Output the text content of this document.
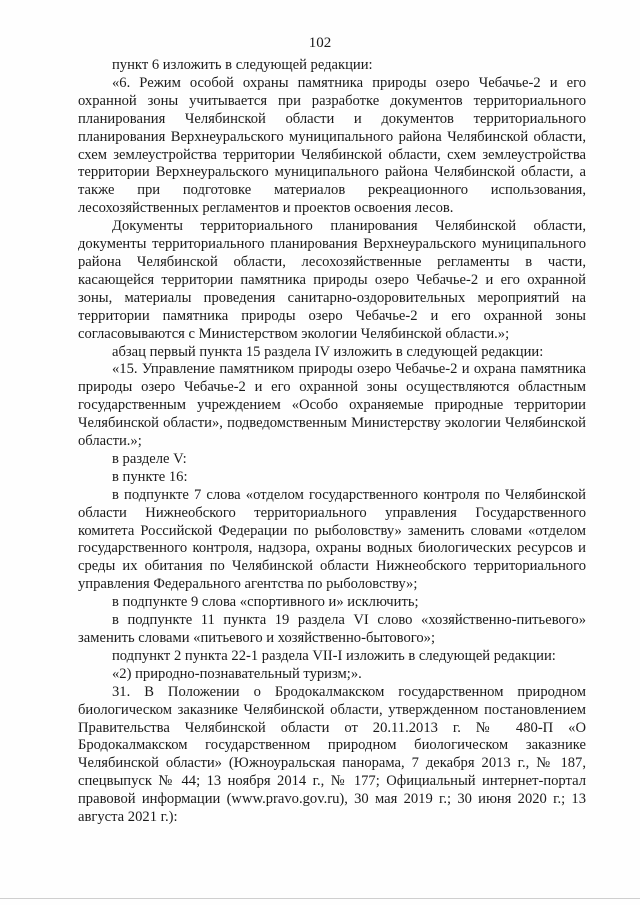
102

пункт 6 изложить в следующей редакции:

«6. Режим особой охраны памятника природы озеро Чебачье-2 и его охранной зоны учитывается при разработке документов территориального планирования Челябинской области и документов территориального планирования Верхнеуральского муниципального района Челябинской области, схем землеустройства территории Челябинской области, схем землеустройства территории Верхнеуральского муниципального района Челябинской области, а также при подготовке материалов рекреационного использования, лесохозяйственных регламентов и проектов освоения лесов.

Документы территориального планирования Челябинской области, документы территориального планирования Верхнеуральского муниципального района Челябинской области, лесохозяйственные регламенты в части, касающейся территории памятника природы озеро Чебачье-2 и его охранной зоны, материалы проведения санитарно-оздоровительных мероприятий на территории памятника природы озеро Чебачье-2 и его охранной зоны согласовываются с Министерством экологии Челябинской области.»;

абзац первый пункта 15 раздела IV изложить в следующей редакции:

«15. Управление памятником природы озеро Чебачье-2 и охрана памятника природы озеро Чебачье-2 и его охранной зоны осуществляются областным государственным учреждением «Особо охраняемые природные территории Челябинской области», подведомственным Министерству экологии Челябинской области.»;

в разделе V:

в пункте 16:

в подпункте 7 слова «отделом государственного контроля по Челябинской области Нижнеобского территориального управления Государственного комитета Российской Федерации по рыболовству» заменить словами «отделом государственного контроля, надзора, охраны водных биологических ресурсов и среды их обитания по Челябинской области Нижнеобского территориального управления Федерального агентства по рыболовству»;

в подпункте 9 слова «спортивного и» исключить;

в подпункте 11 пункта 19 раздела VI слово «хозяйственно-питьевого» заменить словами «питьевого и хозяйственно-бытового»;

подпункт 2 пункта 22-1 раздела VII-I изложить в следующей редакции:

«2) природно-познавательный туризм;».

31. В Положении о Бродокалмакском государственном природном биологическом заказнике Челябинской области, утвержденном постановлением Правительства Челябинской области от 20.11.2013 г. № 480-П «О Бродокалмакском государственном природном биологическом заказнике Челябинской области» (Южноуральская панорама, 7 декабря 2013 г., № 187, спецвыпуск № 44; 13 ноября 2014 г., № 177; Официальный интернет-портал правовой информации (www.pravo.gov.ru), 30 мая 2019 г.; 30 июня 2020 г.; 13 августа 2021 г.):
